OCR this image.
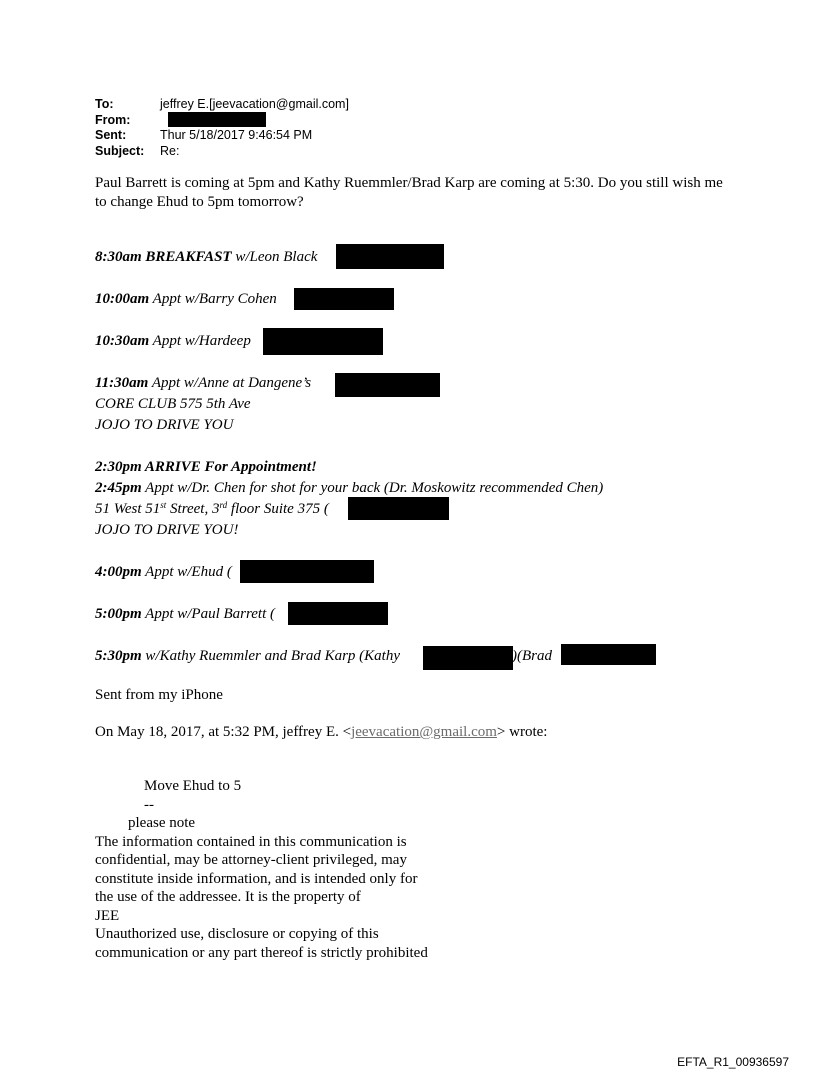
To:	jeffrey E.[jeevacation@gmail.com]
From:
Sent:	Thur 5/18/2017 9:46:54 PM
Subject: Re:
Paul Barrett is coming at 5pm and Kathy Ruemmler/Brad Karp are coming at 5:30. Do you still wish me to change Ehud to 5pm tomorrow?
8:30am BREAKFAST w/Leon Black
10:00am Appt w/Barry Cohen
10:30am Appt w/Hardeep
11:30am Appt w/Anne at Dangene’s
CORE CLUB 575 5th Ave
JOJO TO DRIVE YOU
2:30pm ARRIVE For Appointment!
2:45pm Appt w/Dr. Chen for shot for your back (Dr. Moskowitz recommended Chen)
51 West 51st Street, 3rd floor Suite 375 (
JOJO TO DRIVE YOU!
4:00pm Appt w/Ehud (
5:00pm Appt w/Paul Barrett (
5:30pm w/Kathy Ruemmler and Brad Karp (Kathy	)(Brad
Sent from my iPhone
On May 18, 2017, at 5:32 PM, jeffrey E. <jeevacation@gmail.com> wrote:
Move Ehud to 5
--
please note
The information contained in this communication is
confidential, may be attorney-client privileged, may
constitute inside information, and is intended only for
the use of the addressee. It is the property of
JEE
Unauthorized use, disclosure or copying of this
communication or any part thereof is strictly prohibited
EFTA_R1_00936597
